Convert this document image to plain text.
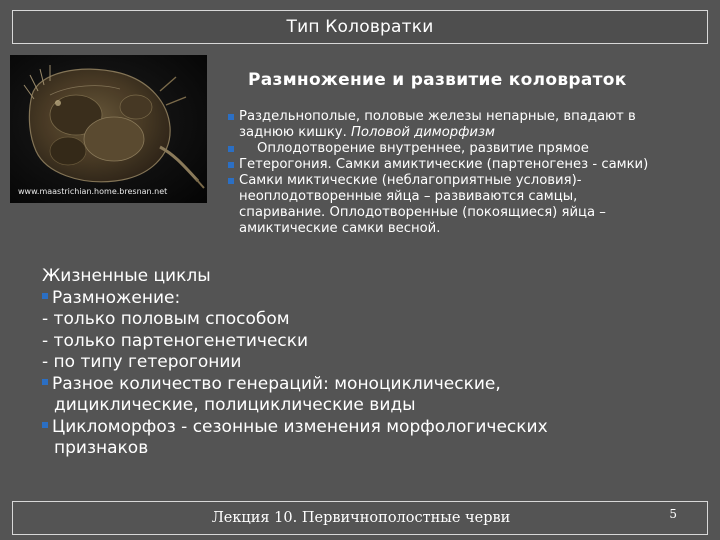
Тип Коловратки
www.maastrichian.home.bresnan.net
Размножение и развитие коловраток
Раздельнополые, половые железы непарные, впадают в
заднюю кишку. Половой диморфизм
Оплодотворение внутреннее, развитие прямое
Гетерогония. Самки амиктические (партеногенез - самки)
Самки миктические (неблагоприятные условия)-
неоплодотворенные яйца – развиваются самцы,
спаривание. Оплодотворенные (покоящиеся) яйца –
амиктические самки весной.
Жизненные циклы
Размножение:
- только половым способом
- только партеногенетически
- по типу гетерогонии
Разное количество генераций: моноциклические,
дициклические, полициклические виды
Цикломорфоз - сезонные изменения морфологических
признаков
Лекция 10. Первичнополостные черви	5
